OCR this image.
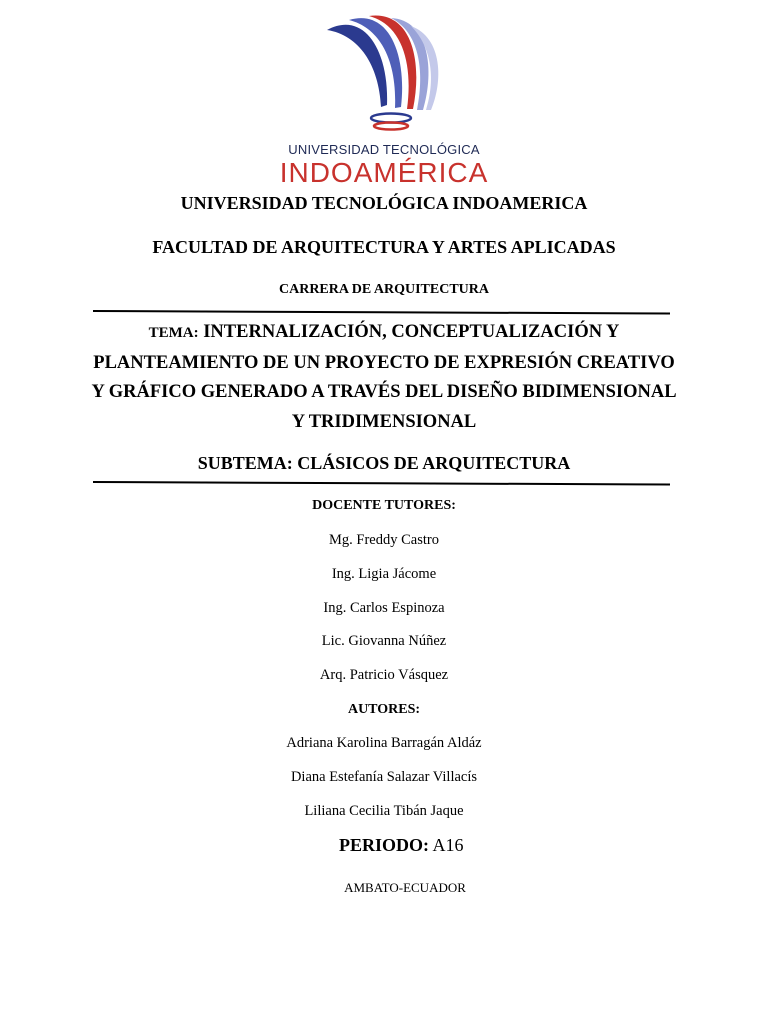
UNIVERSIDAD TECNOLÓGICA
INDOAMÉRICA
UNIVERSIDAD TECNOLÓGICA INDOAMERICA
FACULTAD DE ARQUITECTURA Y ARTES APLICADAS
CARRERA DE ARQUITECTURA
TEMA: INTERNALIZACIÓN, CONCEPTUALIZACIÓN Y
PLANTEAMIENTO DE UN PROYECTO DE EXPRESIÓN CREATIVO
Y GRÁFICO GENERADO A TRAVÉS DEL DISEÑO BIDIMENSIONAL
Y TRIDIMENSIONAL
SUBTEMA: CLÁSICOS DE ARQUITECTURA
DOCENTE TUTORES:
Mg. Freddy Castro
Ing. Ligia Jácome
Ing. Carlos Espinoza
Lic. Giovanna Núñez
Arq. Patricio Vásquez
AUTORES:
Adriana Karolina Barragán Aldáz
Diana Estefanía Salazar Villacís
Liliana Cecilia Tibán Jaque
PERIODO: A16
AMBATO-ECUADOR
